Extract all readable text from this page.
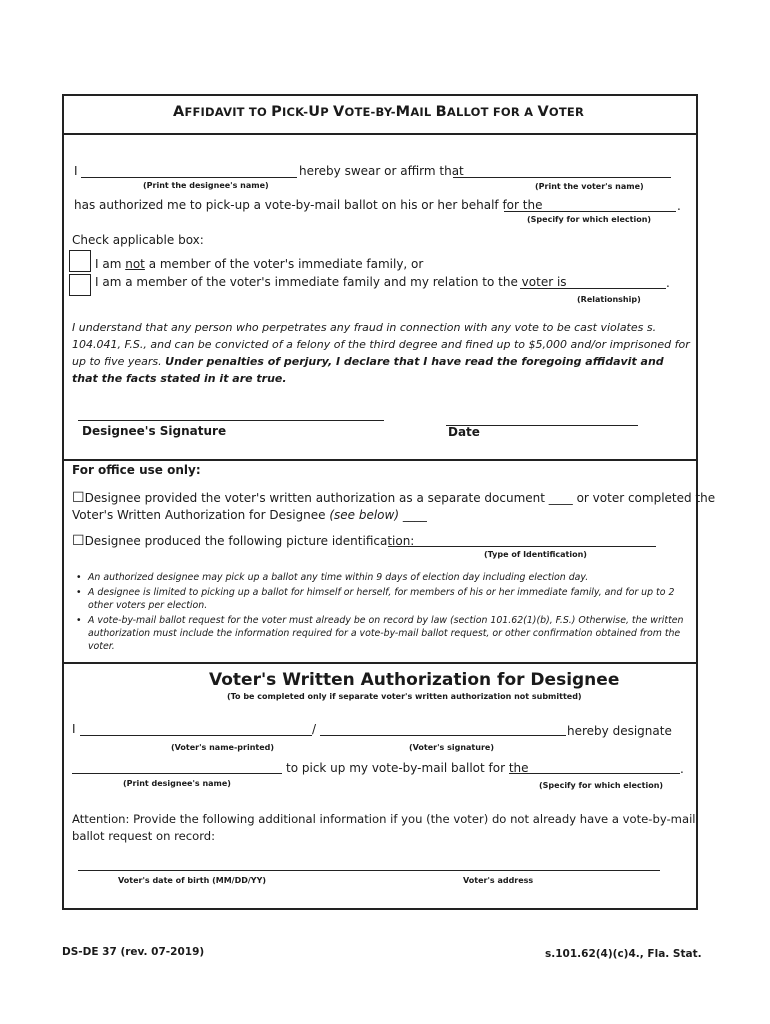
AFFIDAVIT TO PICK-UP VOTE-BY-MAIL BALLOT FOR A VOTER
I	hereby swear or affirm that
(Print the designee's name)	(Print the voter's name)
has authorized me to pick-up a vote-by-mail ballot on his or her behalf for the	.
(Specify for which election)
Check applicable box:
I am not a member of the voter's immediate family, or
I am a member of the voter's immediate family and my relation to the voter is	.
(Relationship)
I understand that any person who perpetrates any fraud in connection with any vote to be cast violates s. 104.041, F.S., and can be convicted of a felony of the third degree and fined up to $5,000 and/or imprisoned for up to five years. Under penalties of perjury, I declare that I have read the foregoing affidavit and that the facts stated in it are true.
Designee's Signature	Date
For office use only:
☐Designee provided the voter's written authorization as a separate document ____ or voter completed the
Voter's Written Authorization for Designee (see below) ____
☐Designee produced the following picture identification:
(Type of Identification)
• An authorized designee may pick up a ballot any time within 9 days of election day including election day.
• A designee is limited to picking up a ballot for himself or herself, for members of his or her immediate family, and for up to 2 other voters per election.
• A vote-by-mail ballot request for the voter must already be on record by law (section 101.62(1)(b), F.S.) Otherwise, the written authorization must include the information required for a vote-by-mail ballot request, or other confirmation obtained from the voter.
Voter's Written Authorization for Designee
(To be completed only if separate voter's written authorization not submitted)
I	/	hereby designate
(Voter's name-printed)	(Voter's signature)
to pick up my vote-by-mail ballot for the	.
(Print designee's name)	(Specify for which election)
Attention: Provide the following additional information if you (the voter) do not already have a vote-by-mail
ballot request on record:
Voter's date of birth (MM/DD/YY)	Voter's address
DS-DE 37 (rev. 07-2019)	s.101.62(4)(c)4., Fla. Stat.
